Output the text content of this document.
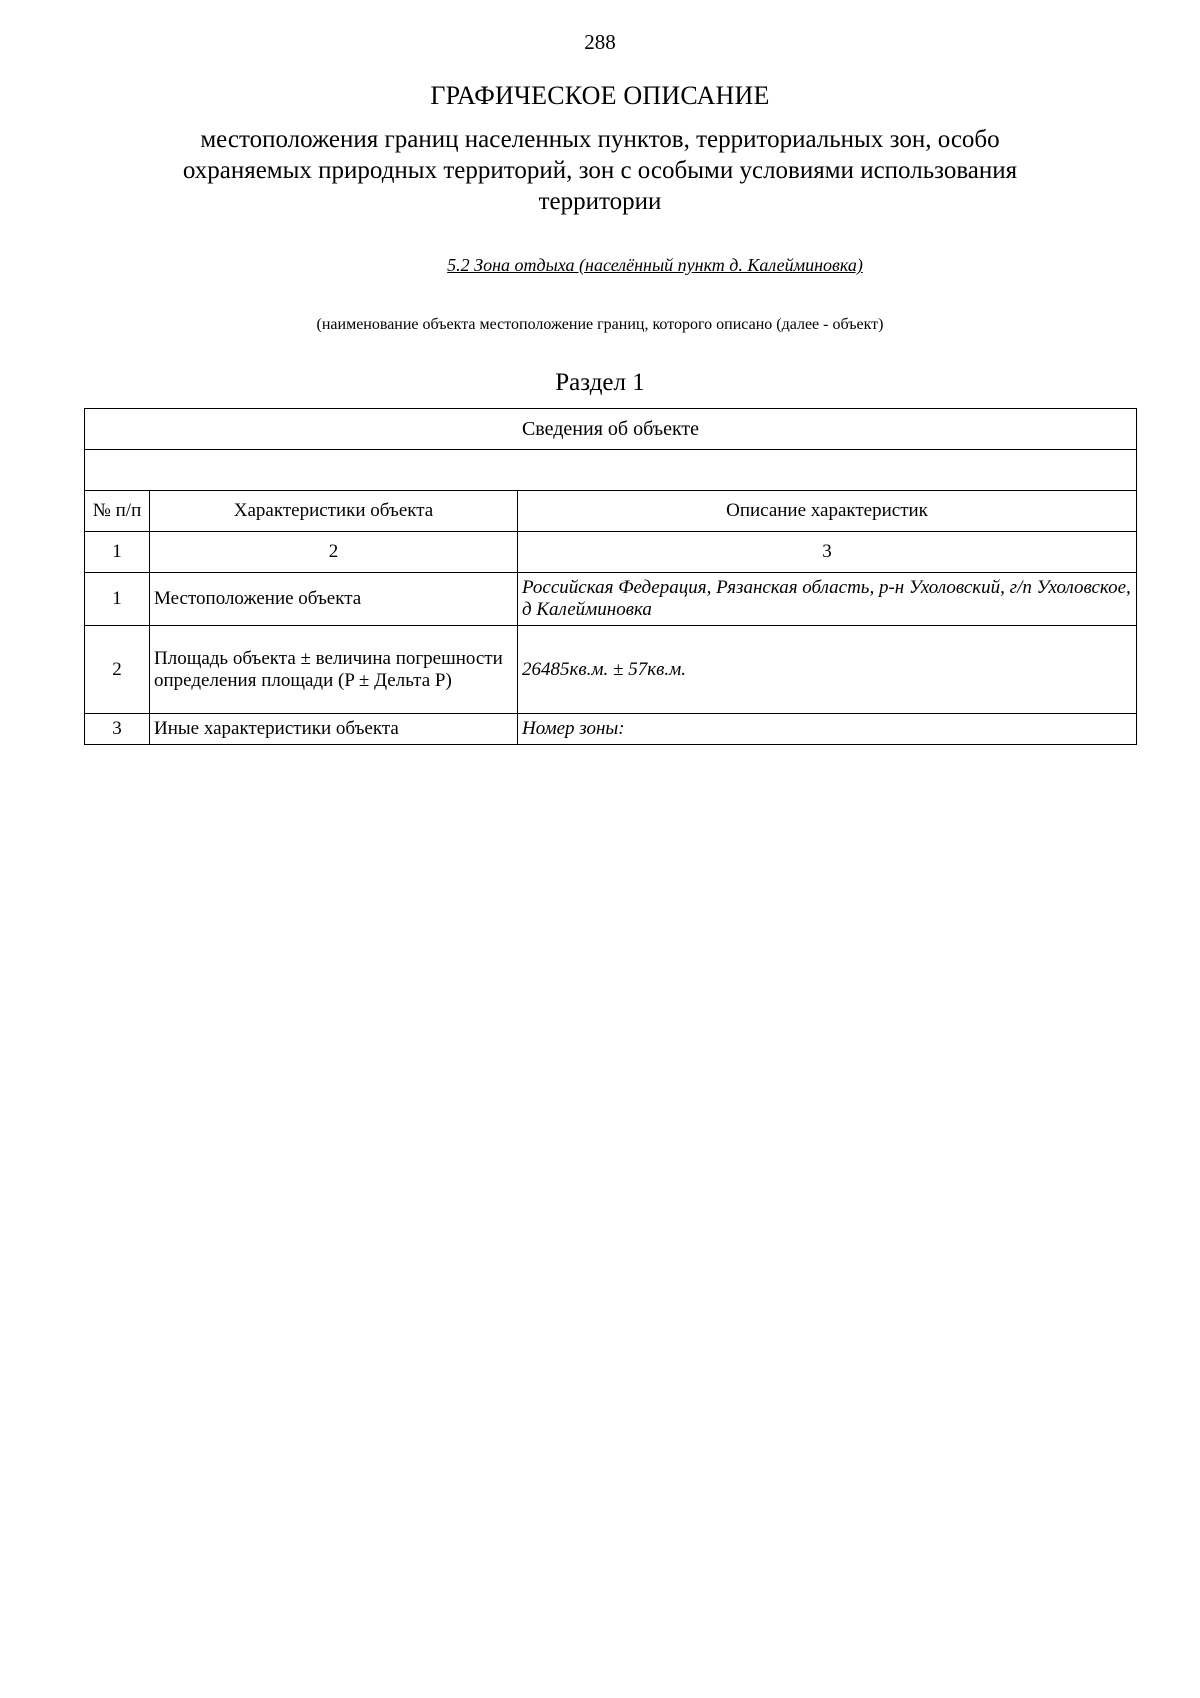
288
ГРАФИЧЕСКОЕ ОПИСАНИЕ
местоположения границ населенных пунктов, территориальных зон, особо охраняемых природных территорий, зон с особыми условиями использования территории
5.2 Зона отдыха (населённый пункт д. Калейминовка)
(наименование объекта местоположение границ, которого описано (далее - объект)
Раздел 1
Сведения об объекте		

№ п/п	Характеристики объекта	Описание характеристик
1	2	3
1	Местоположение объекта	Российская Федерация, Рязанская область, р-н Ухоловский, г/п Ухоловское, д Калейминовка
2	Площадь объекта ± величина погрешности определения площади (P ± Дельта P)	26485кв.м. ± 57кв.м.
3	Иные характеристики объекта	Номер зоны:
